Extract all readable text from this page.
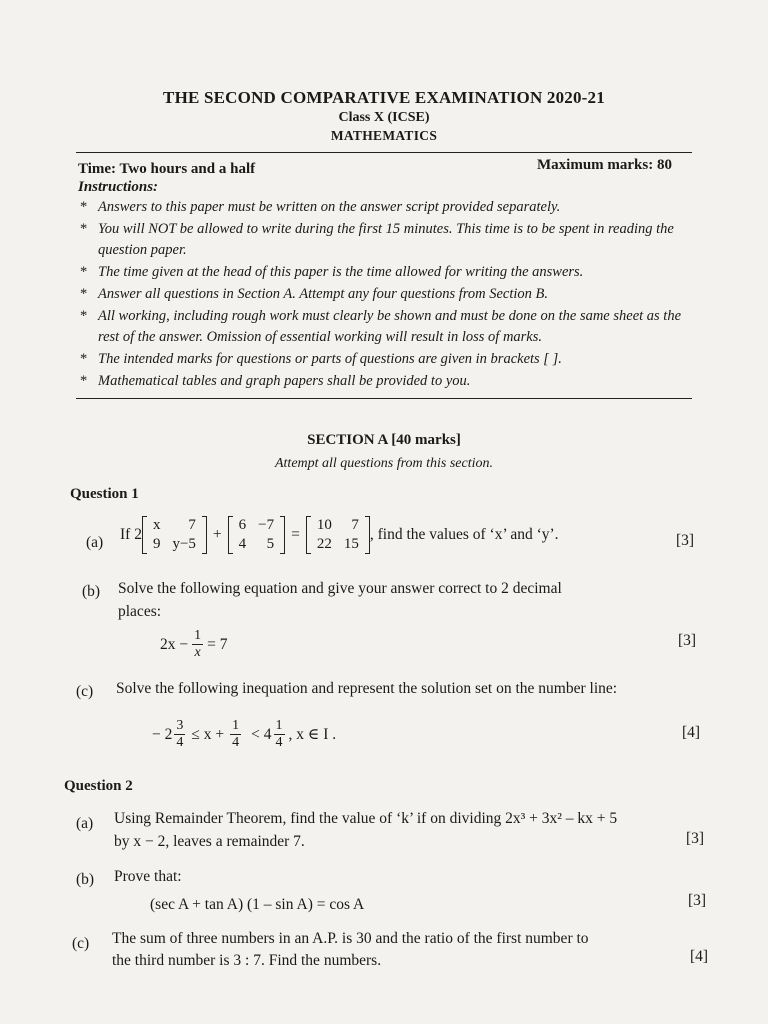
THE SECOND COMPARATIVE EXAMINATION 2020-21
Class X (ICSE)
MATHEMATICS
Time: Two hours and a half	Maximum marks: 80
Instructions:
* Answers to this paper must be written on the answer script provided separately.
* You will NOT be allowed to write during the first 15 minutes. This time is to be spent in reading the question paper.
* The time given at the head of this paper is the time allowed for writing the answers.
* Answer all questions in Section A. Attempt any four questions from Section B.
* All working, including rough work must clearly be shown and must be done on the same sheet as the rest of the answer. Omission of essential working will result in loss of marks.
* The intended marks for questions or parts of questions are given in brackets [ ].
* Mathematical tables and graph papers shall be provided to you.
SECTION A [40 marks]
Attempt all questions from this section.
Question 1
(a) If 2
x	7
9	y−5
+
6	−7
4	5
=
10	7
22	15
, find the values of ‘x’ and ‘y’.	[3]
(b) Solve the following equation and give your answer correct to 2 decimal
places:
$2x - \frac{1}{x} = 7$	[3]
(c) Solve the following inequation and represent the solution set on the number line:
− $2 \frac{3}{4} \le x + \frac{1}{4} < 4 \frac{1}{4}$ , x ∈ I .	[4]
Question 2
(a) Using Remainder Theorem, find the value of ‘k’ if on dividing 2x³ + 3x² – kx + 5
by x − 2, leaves a remainder 7.	[3]
(b) Prove that:
(sec A + tan A) (1 – sin A) = cos A	[3]
(c) The sum of three numbers in an A.P. is 30 and the ratio of the first number to
the third number is 3 : 7. Find the numbers.	[4]
